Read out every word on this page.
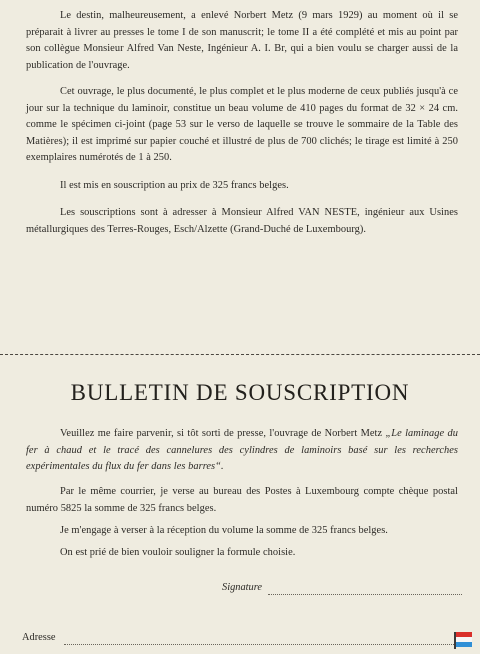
Le destin, malheureusement, a enlevé Norbert Metz (9 mars 1929) au moment où il se préparait à livrer au presses le tome I de son manuscrit; le tome II a été complété et mis au point par son collègue Monsieur Alfred Van Neste, Ingénieur A. I. Br, qui a bien voulu se charger aussi de la publication de l'ouvrage.

Cet ouvrage, le plus documenté, le plus complet et le plus moderne de ceux publiés jusqu'à ce jour sur la technique du laminoir, constitue un beau volume de 410 pages du format de 32 × 24 cm. comme le spécimen ci-joint (page 53 sur le verso de laquelle se trouve le sommaire de la Table des Matières); il est imprimé sur papier couché et illustré de plus de 700 clichés; le tirage est limité à 250 exemplaires numérotés de 1 à 250.

Il est mis en souscription au prix de 325 francs belges.

Les souscriptions sont à adresser à Monsieur Alfred VAN NESTE, ingénieur aux Usines métallurgiques des Terres-Rouges, Esch/Alzette (Grand-Duché de Luxembourg).

BULLETIN DE SOUSCRIPTION

Veuillez me faire parvenir, si tôt sorti de presse, l'ouvrage de Norbert Metz „Le laminage du fer à chaud et le tracé des cannelures des cylindres de laminoirs basé sur les recherches expérimentales du flux du fer dans les barres“.

Par le même courrier, je verse au bureau des Postes à Luxembourg compte chèque postal numéro 5825 la somme de 325 francs belges.

Je m'engage à verser à la réception du volume la somme de 325 francs belges.

On est prié de bien vouloir souligner la formule choisie.

Signature
Adresse
